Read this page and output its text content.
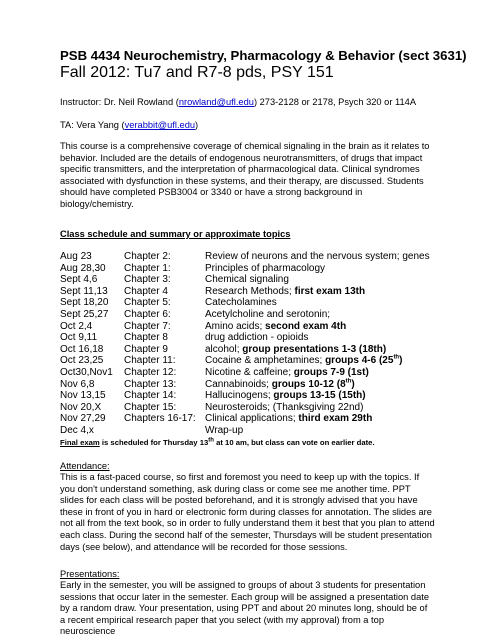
PSB 4434 Neurochemistry, Pharmacology & Behavior (sect 3631)
Fall 2012: Tu7 and R7-8 pds, PSY 151
Instructor: Dr. Neil Rowland (nrowland@ufl.edu) 273-2128 or 2178, Psych 320 or 114A
TA: Vera Yang (verabbit@ufl.edu)
This course is a comprehensive coverage of chemical signaling in the brain as it relates to behavior. Included are the details of endogenous neurotransmitters, of drugs that impact specific transmitters, and the interpretation of pharmacological data. Clinical syndromes associated with dysfunction in these systems, and their therapy, are discussed. Students should have completed PSB3004 or 3340 or have a strong background in biology/chemistry.
Class schedule and summary or approximate topics
Aug 23	Chapter 2:	Review of neurons and the nervous system; genes
Aug 28,30 Chapter 1:	Principles of pharmacology
Sept 4,6	Chapter 3:	Chemical signaling
Sept 11,13 Chapter 4	Research Methods; first exam 13th
Sept 18,20 Chapter 5:	Catecholamines
Sept 25,27 Chapter 6:	Acetylcholine and serotonin;
Oct 2,4	Chapter 7:	Amino acids; second exam 4th
Oct 9,11	Chapter 8	drug addiction - opioids
Oct 16,18 Chapter 9	alcohol; group presentations 1-3 (18th)
Oct 23,25 Chapter 11:	Cocaine & amphetamines; groups 4-6 (25th)
Oct30,Nov1 Chapter 12:	Nicotine & caffeine; groups 7-9 (1st)
Nov 6,8	Chapter 13:	Cannabinoids; groups 10-12 (8th)
Nov 13,15 Chapter 14:	Hallucinogens; groups 13-15 (15th)
Nov 20,X Chapter 15:	Neurosteroids; (Thanksgiving 22nd)
Nov 27,29 Chapters 16-17: Clinical applications; third exam 29th
Dec 4,x	Wrap-up
Final exam is scheduled for Thursday 13th at 10 am, but class can vote on earlier date.
Attendance:
This is a fast-paced course, so first and foremost you need to keep up with the topics. If you don't understand something, ask during class or come see me another time. PPT slides for each class will be posted beforehand, and it is strongly advised that you have these in front of you in hard or electronic form during classes for annotation. The slides are not all from the text book, so in order to fully understand them it best that you plan to attend each class. During the second half of the semester, Thursdays will be student presentation days (see below), and attendance will be recorded for those sessions.
Presentations:
Early in the semester, you will be assigned to groups of about 3 students for presentation sessions that occur later in the semester. Each group will be assigned a presentation date by a random draw. Your presentation, using PPT and about 20 minutes long, should be of a recent empirical research paper that you select (with my approval) from a top neuroscience
